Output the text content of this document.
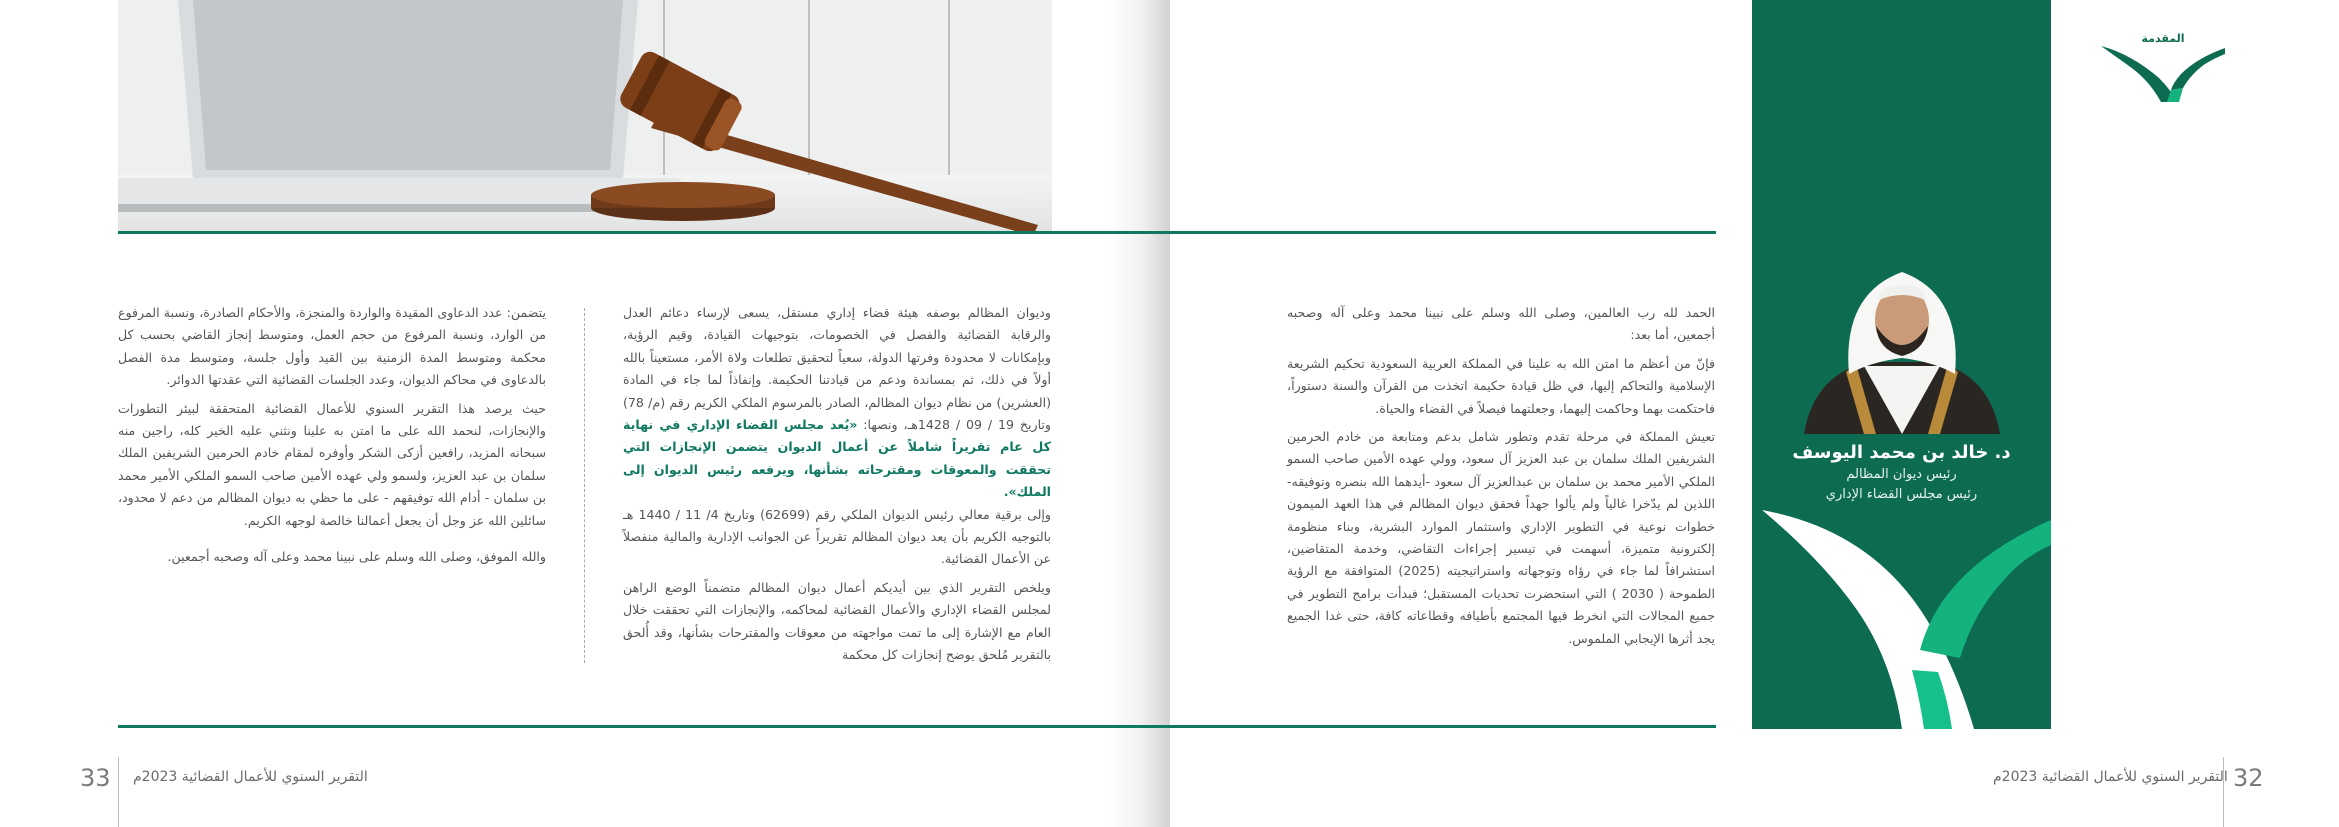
يتضمن: عدد الدعاوى المقيدة والواردة والمنجزة، والأحكام الصادرة، ونسبة المرفوع من الوارد، ونسبة المرفوع من حجم العمل، ومتوسط إنجاز القاضي بحسب كل محكمة ومتوسط المدة الزمنية بين القيد وأول جلسة، ومتوسط مدة الفصل بالدعاوى في محاكم الديوان، وعدد الجلسات القضائية التي عقدتها الدوائر.

حيث يرصد هذا التقرير السنوي للأعمال القضائية المتحققة لبيئر التطورات والإنجازات، لنحمد الله على ما امتن به علينا ونثني عليه الخير كله، راجين منه سبحانه المزيد، رافعين أزكى الشكر وأوفره لمقام خادم الحرمين الشريفين الملك سلمان بن عبد العزيز، ولسمو ولي عهده الأمين صاحب السمو الملكي الأمير محمد بن سلمان - أدام الله توفيقهم - على ما حظي به ديوان المظالم من دعم لا محدود، سائلين الله عز وجل أن يجعل أعمالنا خالصة لوجهه الكريم.

والله الموفق، وصلى الله وسلم على نبينا محمد وعلى آله وصحبه أجمعين.

وديوان المظالم بوصفه هيئة قضاء إداري مستقل، يسعى لإرساء دعائم العدل والرقابة القضائية والفصل في الخصومات، بتوجيهات القيادة، وقيم الرؤية، وبإمكانات لا محدودة وفرتها الدولة، سعياً لتحقيق تطلعات ولاة الأمر، مستعيناً بالله أولاً في ذلك، ثم بمساندة ودعم من قيادتنا الحكيمة. وإنفاذاً لما جاء في المادة (العشرين) من نظام ديوان المظالم، الصادر بالمرسوم الملكي الكريم رقم (م/ 78) وتاريخ 19 / 09 / 1428هـ، ونصها: «يُعد مجلس القضاء الإداري في نهاية كل عام تقريراً شاملاً عن أعمال الديوان يتضمن الإنجازات التي تحققت والمعوقات ومقترحاته بشأنها، ويرفعه رئيس الديوان إلى الملك».

وإلى برقية معالي رئيس الديوان الملكي رقم (62699) وتاريخ 4/ 11 / 1440 هـ بالتوجيه الكريم بأن يعد ديوان المظالم تقريراً عن الجوانب الإدارية والمالية منفصلاً عن الأعمال القضائية.

ويلخص التقرير الذي بين أيديكم أعمال ديوان المظالم متضمناً الوضع الراهن لمجلس القضاء الإداري والأعمال القضائية لمحاكمه، والإنجازات التي تحققت خلال العام مع الإشارة إلى ما تمت مواجهته من معوقات والمقترحات بشأنها، وقد أُلحق بالتقرير مُلحق يوضح إنجازات كل محكمة

33 التقرير السنوي للأعمال القضائية 2023م

الحمد لله رب العالمين، وصلى الله وسلم على نبينا محمد وعلى آله وصحبه أجمعين، أما بعد:

فإنّ من أعظم ما امتن الله به علينا في المملكة العربية السعودية تحكيم الشريعة الإسلامية والتحاكم إليها، في ظل قيادة حكيمة اتخذت من القرآن والسنة دستوراً، فاحتكمت بهما وحاكمت إليهما، وجعلتهما فيصلاً في القضاء والحياة.

تعيش المملكة في مرحلة تقدم وتطور شامل بدعم ومتابعة من خادم الحرمين الشريفين الملك سلمان بن عبد العزيز آل سعود، وولي عهده الأمين صاحب السمو الملكي الأمير محمد بن سلمان بن عبدالعزيز آل سعود -أيدهما الله بنصره وتوفيقه- اللذين لم يدّخرا غالياً ولم يألوا جهداً فحقق ديوان المظالم في هذا العهد الميمون خطوات نوعية في التطوير الإداري واستثمار الموارد البشرية، وبناء منظومة إلكترونية متميزة، أسهمت في تيسير إجراءات التقاضي، وخدمة المتقاضين، استشرافاً لما جاء في رؤاه وتوجهاته واستراتيجيته (2025) المتوافقة مع الرؤية الطموحة ( 2030 ) التي استحضرت تحديات المستقبل؛ فبدأت برامج التطوير في جميع المجالات التي انخرط فيها المجتمع بأطيافه وقطاعاته كافة، حتى غدا الجميع يجد أثرها الإيجابي الملموس.

د. خالد بن محمد اليوسف
رئيس ديوان المظالم
رئيس مجلس القضاء الإداري
المقدمة
32
التقرير السنوي للأعمال القضائية 2023م
